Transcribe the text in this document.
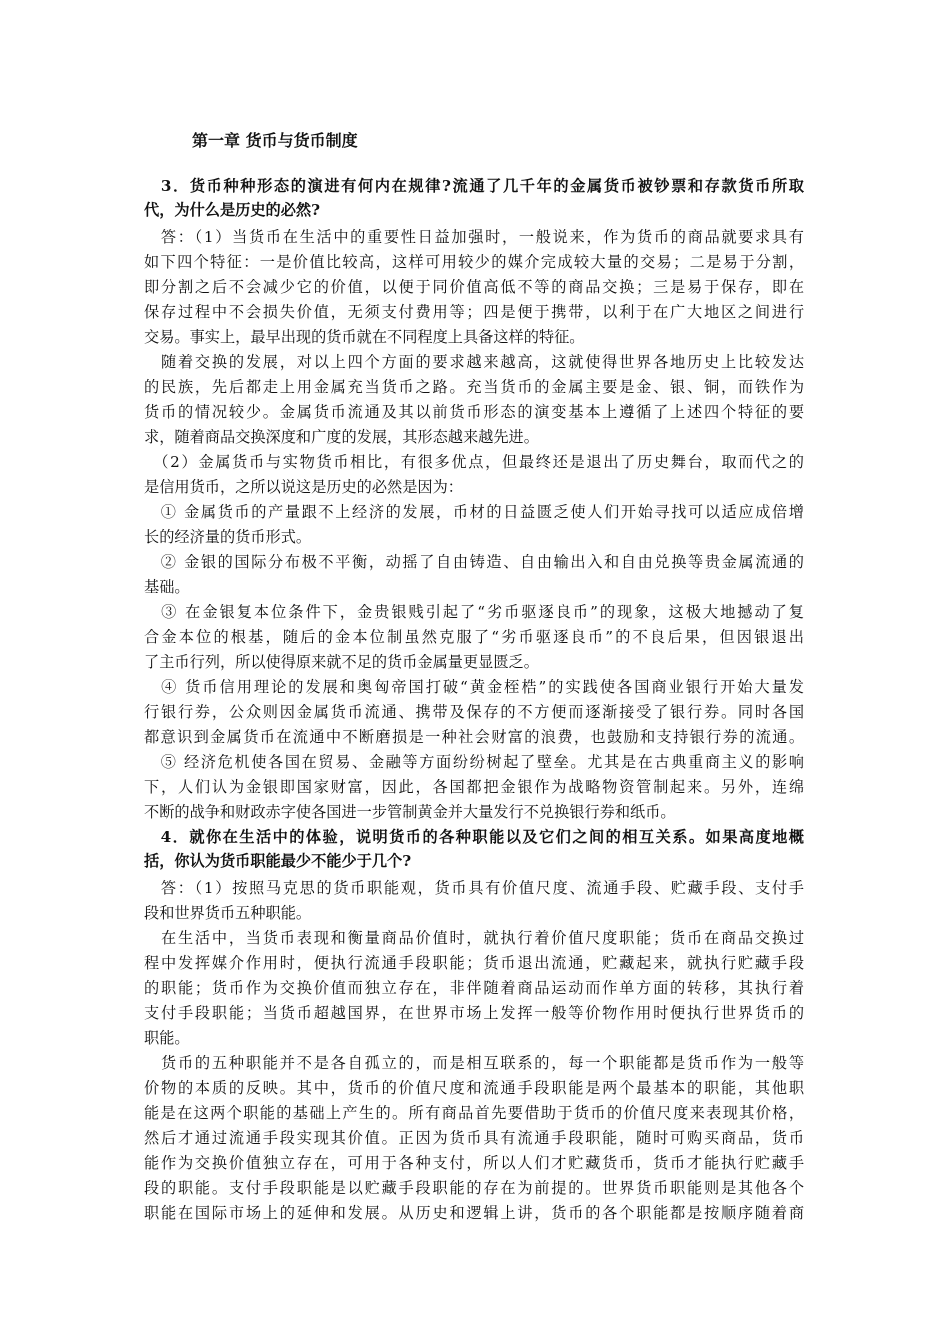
第一章 货币与货币制度
　3．货币种种形态的演进有何内在规律?流通了几千年的金属货币被钞票和存款货币所取
代，为什么是历史的必然?
　答：（1）当货币在生活中的重要性日益加强时，一般说来，作为货币的商品就要求具有
如下四个特征：一是价值比较高，这样可用较少的媒介完成较大量的交易；二是易于分割，
即分割之后不会减少它的价值，以便于同价值高低不等的商品交换；三是易于保存，即在
保存过程中不会损失价值，无须支付费用等；四是便于携带，以利于在广大地区之间进行
交易。事实上，最早出现的货币就在不同程度上具备这样的特征。
　随着交换的发展，对以上四个方面的要求越来越高，这就使得世界各地历史上比较发达
的民族，先后都走上用金属充当货币之路。充当货币的金属主要是金、银、铜，而铁作为
货币的情况较少。金属货币流通及其以前货币形态的演变基本上遵循了上述四个特征的要
求，随着商品交换深度和广度的发展，其形态越来越先进。
　（2）金属货币与实物货币相比，有很多优点，但最终还是退出了历史舞台，取而代之的
是信用货币，之所以说这是历史的必然是因为：
　① 金属货币的产量跟不上经济的发展，币材的日益匮乏使人们开始寻找可以适应成倍增
长的经济量的货币形式。
　② 金银的国际分布极不平衡，动摇了自由铸造、自由输出入和自由兑换等贵金属流通的
基础。
　③ 在金银复本位条件下，金贵银贱引起了“劣币驱逐良币”的现象，这极大地撼动了复
合金本位的根基，随后的金本位制虽然克服了“劣币驱逐良币”的不良后果，但因银退出
了主币行列，所以使得原来就不足的货币金属量更显匮乏。
　④ 货币信用理论的发展和奥匈帝国打破“黄金桎梏”的实践使各国商业银行开始大量发
行银行券，公众则因金属货币流通、携带及保存的不方便而逐渐接受了银行券。同时各国
都意识到金属货币在流通中不断磨损是一种社会财富的浪费，也鼓励和支持银行券的流通。
　⑤ 经济危机使各国在贸易、金融等方面纷纷树起了壁垒。尤其是在古典重商主义的影响
下，人们认为金银即国家财富，因此，各国都把金银作为战略物资管制起来。另外，连绵
不断的战争和财政赤字使各国进一步管制黄金并大量发行不兑换银行券和纸币。
　4．就你在生活中的体验，说明货币的各种职能以及它们之间的相互关系。如果高度地概
括，你认为货币职能最少不能少于几个?
　答：（1）按照马克思的货币职能观，货币具有价值尺度、流通手段、贮藏手段、支付手
段和世界货币五种职能。
　在生活中，当货币表现和衡量商品价值时，就执行着价值尺度职能；货币在商品交换过
程中发挥媒介作用时，便执行流通手段职能；货币退出流通，贮藏起来，就执行贮藏手段
的职能；货币作为交换价值而独立存在，非伴随着商品运动而作单方面的转移，其执行着
支付手段职能；当货币超越国界，在世界市场上发挥一般等价物作用时便执行世界货币的
职能。
　货币的五种职能并不是各自孤立的，而是相互联系的，每一个职能都是货币作为一般等
价物的本质的反映。其中，货币的价值尺度和流通手段职能是两个最基本的职能，其他职
能是在这两个职能的基础上产生的。所有商品首先要借助于货币的价值尺度来表现其价格，
然后才通过流通手段实现其价值。正因为货币具有流通手段职能，随时可购买商品，货币
能作为交换价值独立存在，可用于各种支付，所以人们才贮藏货币，货币才能执行贮藏手
段的职能。支付手段职能是以贮藏手段职能的存在为前提的。世界货币职能则是其他各个
职能在国际市场上的延伸和发展。从历史和逻辑上讲，货币的各个职能都是按顺序随着商
